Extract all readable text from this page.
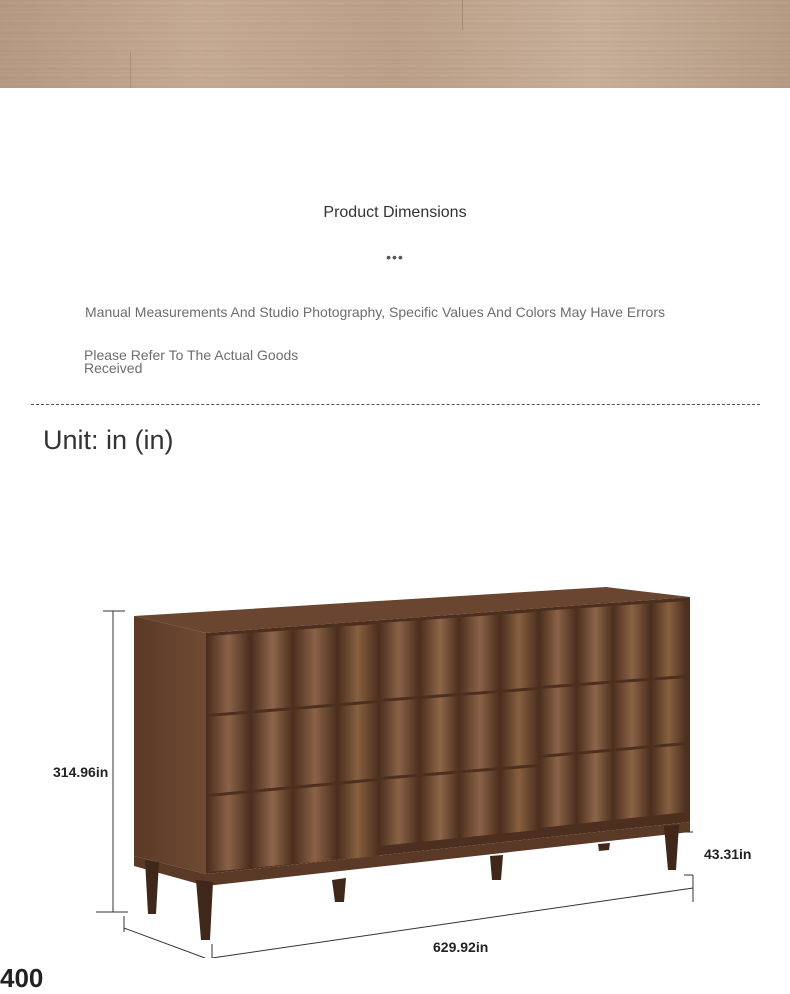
Product Dimensions
•••
Manual Measurements And Studio Photography, Specific Values And Colors May Have Errors
Please Refer To The Actual Goods Received
Unit: in (in)
314.96in
43.31in
629.92in
400
